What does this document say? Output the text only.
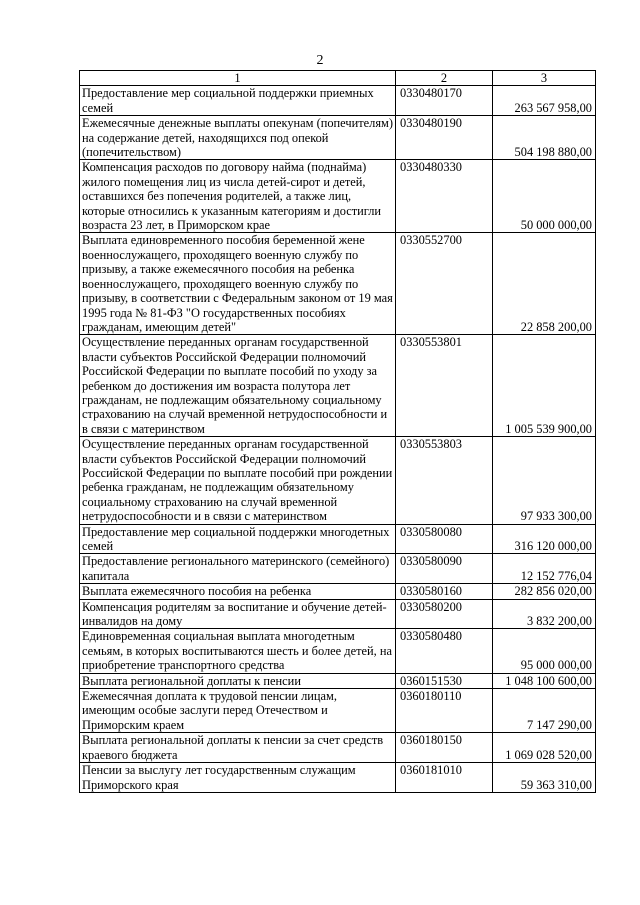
2
1	2	3
Предоставление мер социальной поддержки приемных семей	0330480170	263 567 958,00
Ежемесячные денежные выплаты опекунам (попечителям) на содержание детей, находящихся под опекой (попечительством)	0330480190	504 198 880,00
Компенсация расходов по договору найма (поднайма) жилого помещения лиц из числа детей-сирот и детей, оставшихся без попечения родителей, а также лиц, которые относились к указанным категориям и достигли возраста 23 лет, в Приморском крае	0330480330	50 000 000,00
Выплата единовременного пособия беременной жене военнослужащего, проходящего военную службу по призыву, а также ежемесячного пособия на ребенка военнослужащего, проходящего военную службу по призыву, в соответствии с Федеральным законом от 19 мая 1995 года № 81-ФЗ "О государственных пособиях гражданам, имеющим детей"	0330552700	22 858 200,00
Осуществление переданных органам государственной власти субъектов Российской Федерации полномочий Российской Федерации по выплате пособий по уходу за ребенком до достижения им возраста полутора лет гражданам, не подлежащим обязательному социальному страхованию на случай временной нетрудоспособности и в связи с материнством	0330553801	1 005 539 900,00
Осуществление переданных органам государственной власти субъектов Российской Федерации полномочий Российской Федерации по выплате пособий при рождении ребенка гражданам, не подлежащим обязательному социальному страхованию на случай временной нетрудоспособности и в связи с материнством	0330553803	97 933 300,00
Предоставление мер социальной поддержки многодетных семей	0330580080	316 120 000,00
Предоставление регионального материнского (семейного) капитала	0330580090	12 152 776,04
Выплата ежемесячного пособия на ребенка	0330580160	282 856 020,00
Компенсация родителям за воспитание и обучение детей-инвалидов на дому	0330580200	3 832 200,00
Единовременная социальная выплата многодетным семьям, в которых воспитываются шесть и более детей, на приобретение транспортного средства	0330580480	95 000 000,00
Выплата региональной доплаты к пенсии	0360151530	1 048 100 600,00
Ежемесячная доплата к трудовой пенсии лицам, имеющим особые заслуги перед Отечеством и Приморским краем	0360180110	7 147 290,00
Выплата региональной доплаты к пенсии за счет средств краевого бюджета	0360180150	1 069 028 520,00
Пенсии за выслугу лет государственным служащим Приморского края	0360181010	59 363 310,00
